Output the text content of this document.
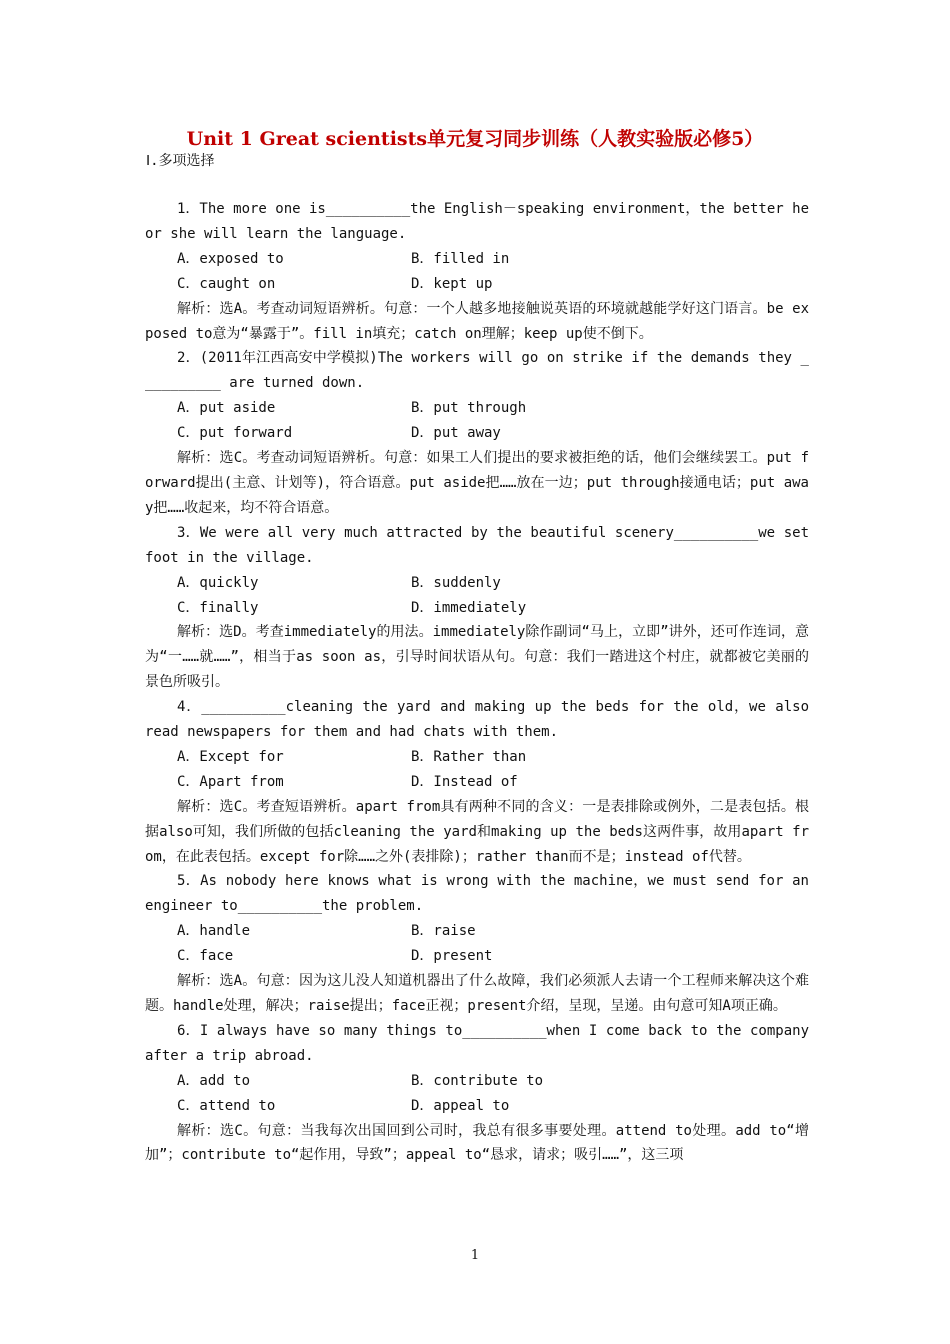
Unit 1 Great scientists单元复习同步训练（人教实验版必修5）
Ⅰ.多项选择

1．The more one is__________the English－speaking environment，the better he or she will learn the language.

A．exposed to	B．filled in
C．caught on	D．kept up

解析：选A。考查动词短语辨析。句意：一个人越多地接触说英语的环境就越能学好这门语言。be exposed to意为“暴露于”。fill in填充；catch on理解；keep up使不倒下。

2．(2011年江西高安中学模拟)The workers will go on strike if the demands they __________ are turned down.

A．put aside	B．put through
C．put forward	D．put away

解析：选C。考查动词短语辨析。句意：如果工人们提出的要求被拒绝的话，他们会继续罢工。put forward提出(主意、计划等)，符合语意。put aside把……放在一边；put through接通电话；put away把……收起来，均不符合语意。

3．We were all very much attracted by the beautiful scenery__________we set foot in the village.

A．quickly	B．suddenly
C．finally	D．immediately

解析：选D。考查immediately的用法。immediately除作副词“马上，立即”讲外，还可作连词，意为“一……就……”，相当于as soon as，引导时间状语从句。句意：我们一踏进这个村庄，就都被它美丽的景色所吸引。

4．__________cleaning the yard and making up the beds for the old，we also read newspapers for them and had chats with them.

A．Except for	B．Rather than
C．Apart from	D．Instead of

解析：选C。考查短语辨析。apart from具有两种不同的含义：一是表排除或例外，二是表包括。根据also可知，我们所做的包括cleaning the yard和making up the beds这两件事，故用apart from，在此表包括。except for除……之外(表排除)；rather than而不是；instead of代替。

5．As nobody here knows what is wrong with the machine，we must send for an engineer to__________the problem.

A．handle	B．raise
C．face	D．present

解析：选A。句意：因为这儿没人知道机器出了什么故障，我们必须派人去请一个工程师来解决这个难题。handle处理，解决；raise提出；face正视；present介绍，呈现，呈递。由句意可知A项正确。

6．I always have so many things to__________when I come back to the company after a trip abroad.

A．add to	B．contribute to
C．attend to	D．appeal to

解析：选C。句意：当我每次出国回到公司时，我总有很多事要处理。attend to处理。add to“增加”；contribute to“起作用，导致”；appeal to“恳求，请求；吸引……”，这三项

1
